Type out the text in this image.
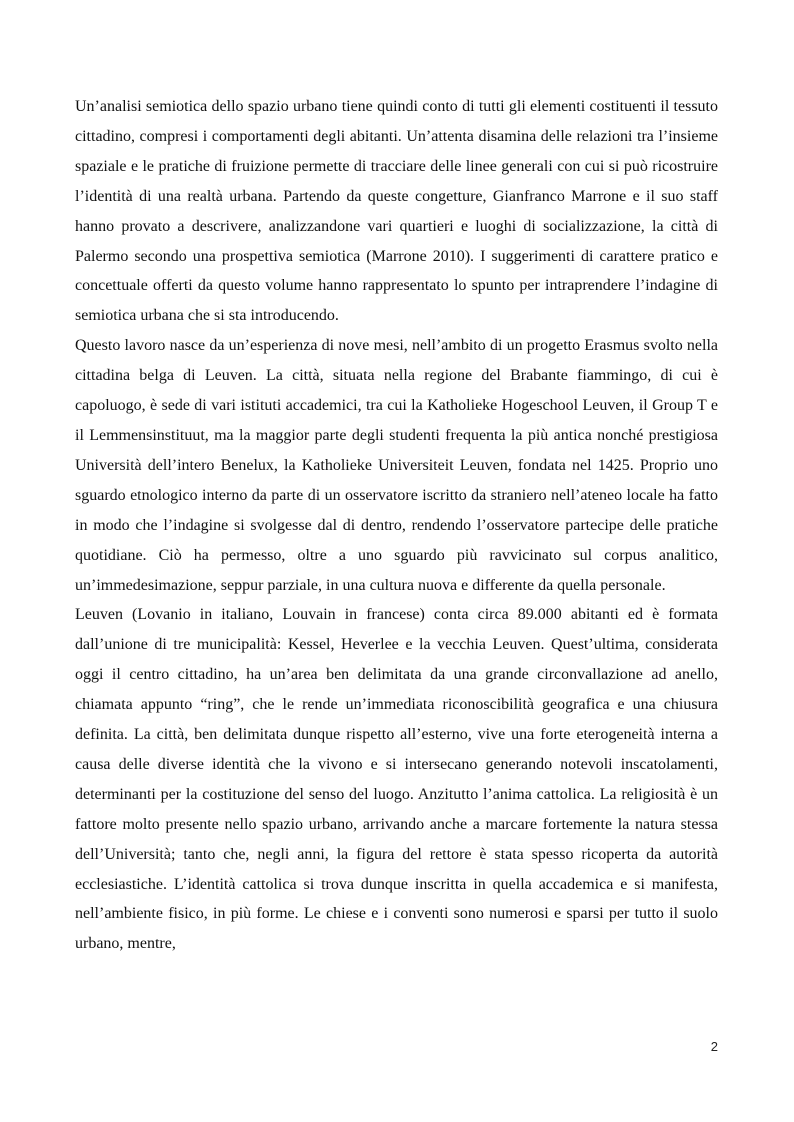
Un’analisi semiotica dello spazio urbano tiene quindi conto di tutti gli elementi costituenti il tessuto cittadino, compresi i comportamenti degli abitanti. Un’attenta disamina delle relazioni tra l’insieme spaziale e le pratiche di fruizione permette di tracciare delle linee generali con cui si può ricostruire l’identità di una realtà urbana. Partendo da queste congetture, Gianfranco Marrone e il suo staff hanno provato a descrivere, analizzandone vari quartieri e luoghi di socializzazione, la città di Palermo secondo una prospettiva semiotica (Marrone 2010). I suggerimenti di carattere pratico e concettuale offerti da questo volume hanno rappresentato lo spunto per intraprendere l’indagine di semiotica urbana che si sta introducendo.

Questo lavoro nasce da un’esperienza di nove mesi, nell’ambito di un progetto Erasmus svolto nella cittadina belga di Leuven. La città, situata nella regione del Brabante fiammingo, di cui è capoluogo, è sede di vari istituti accademici, tra cui la Katholieke Hogeschool Leuven, il Group T e il Lemmensinstituut, ma la maggior parte degli studenti frequenta la più antica nonché prestigiosa Università dell’intero Benelux, la Katholieke Universiteit Leuven, fondata nel 1425. Proprio uno sguardo etnologico interno da parte di un osservatore iscritto da straniero nell’ateneo locale ha fatto in modo che l’indagine si svolgesse dal di dentro, rendendo l’osservatore partecipe delle pratiche quotidiane. Ciò ha permesso, oltre a uno sguardo più ravvicinato sul corpus analitico, un’immedesimazione, seppur parziale, in una cultura nuova e differente da quella personale.

Leuven (Lovanio in italiano, Louvain in francese) conta circa 89.000 abitanti ed è formata dall’unione di tre municipalità: Kessel, Heverlee e la vecchia Leuven. Quest’ultima, considerata oggi il centro cittadino, ha un’area ben delimitata da una grande circonvallazione ad anello, chiamata appunto “ring”, che le rende un’immediata riconoscibilità geografica e una chiusura definita. La città, ben delimitata dunque rispetto all’esterno, vive una forte eterogeneità interna a causa delle diverse identità che la vivono e si intersecano generando notevoli inscatolamenti, determinanti per la costituzione del senso del luogo. Anzitutto l’anima cattolica. La religiosità è un fattore molto presente nello spazio urbano, arrivando anche a marcare fortemente la natura stessa dell’Università; tanto che, negli anni, la figura del rettore è stata spesso ricoperta da autorità ecclesiastiche. L’identità cattolica si trova dunque inscritta in quella accademica e si manifesta, nell’ambiente fisico, in più forme. Le chiese e i conventi sono numerosi e sparsi per tutto il suolo urbano, mentre,

2
